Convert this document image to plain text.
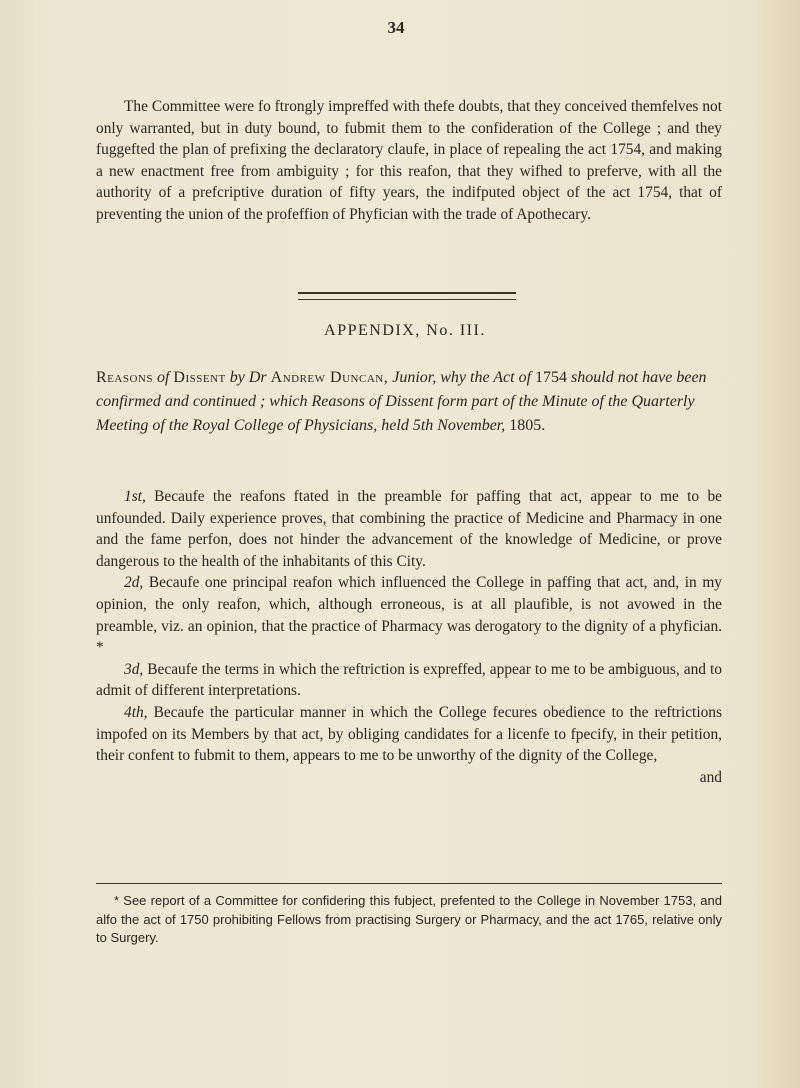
34

The Committee were fo ftrongly impreffed with thefe doubts, that they conceived themfelves not only warranted, but in duty bound, to fubmit them to the confideration of the College ; and they fuggefted the plan of prefixing the declaratory claufe, in place of repealing the act 1754, and making a new enactment free from ambiguity ; for this reafon, that they wifhed to preferve, with all the authority of a prefcriptive duration of fifty years, the indifputed object of the act 1754, that of preventing the union of the profeffion of Phyfician with the trade of Apothecary.

APPENDIX, No. III.
Reasons of Dissent by Dr Andrew Duncan, Junior, why the Act of 1754 should not have been confirmed and continued ; which Reasons of Dissent form part of the Minute of the Quarterly Meeting of the Royal College of Physicians, held 5th November, 1805.

1st, Becaufe the reafons ftated in the preamble for paffing that act, appear to me to be unfounded. Daily experience proves, that combining the practice of Medicine and Pharmacy in one and the fame perfon, does not hinder the advancement of the knowledge of Medicine, or prove dangerous to the health of the inhabitants of this City.

2d, Becaufe one principal reafon which influenced the College in paffing that act, and, in my opinion, the only reafon, which, although erroneous, is at all plaufible, is not avowed in the preamble, viz. an opinion, that the practice of Pharmacy was derogatory to the dignity of a phyfician. *

3d, Becaufe the terms in which the reftriction is expreffed, appear to me to be ambiguous, and to admit of different interpretations.

4th, Becaufe the particular manner in which the College fecures obedience to the reftrictions impofed on its Members by that act, by obliging candidates for a licenfe to fpecify, in their petition, their confent to fubmit to them, appears to me to be unworthy of the dignity of the College,
and

* See report of a Committee for confidering this fubject, prefented to the College in November 1753, and alfo the act of 1750 prohibiting Fellows from practising Surgery or Pharmacy, and the act 1765, relative only to Surgery.
